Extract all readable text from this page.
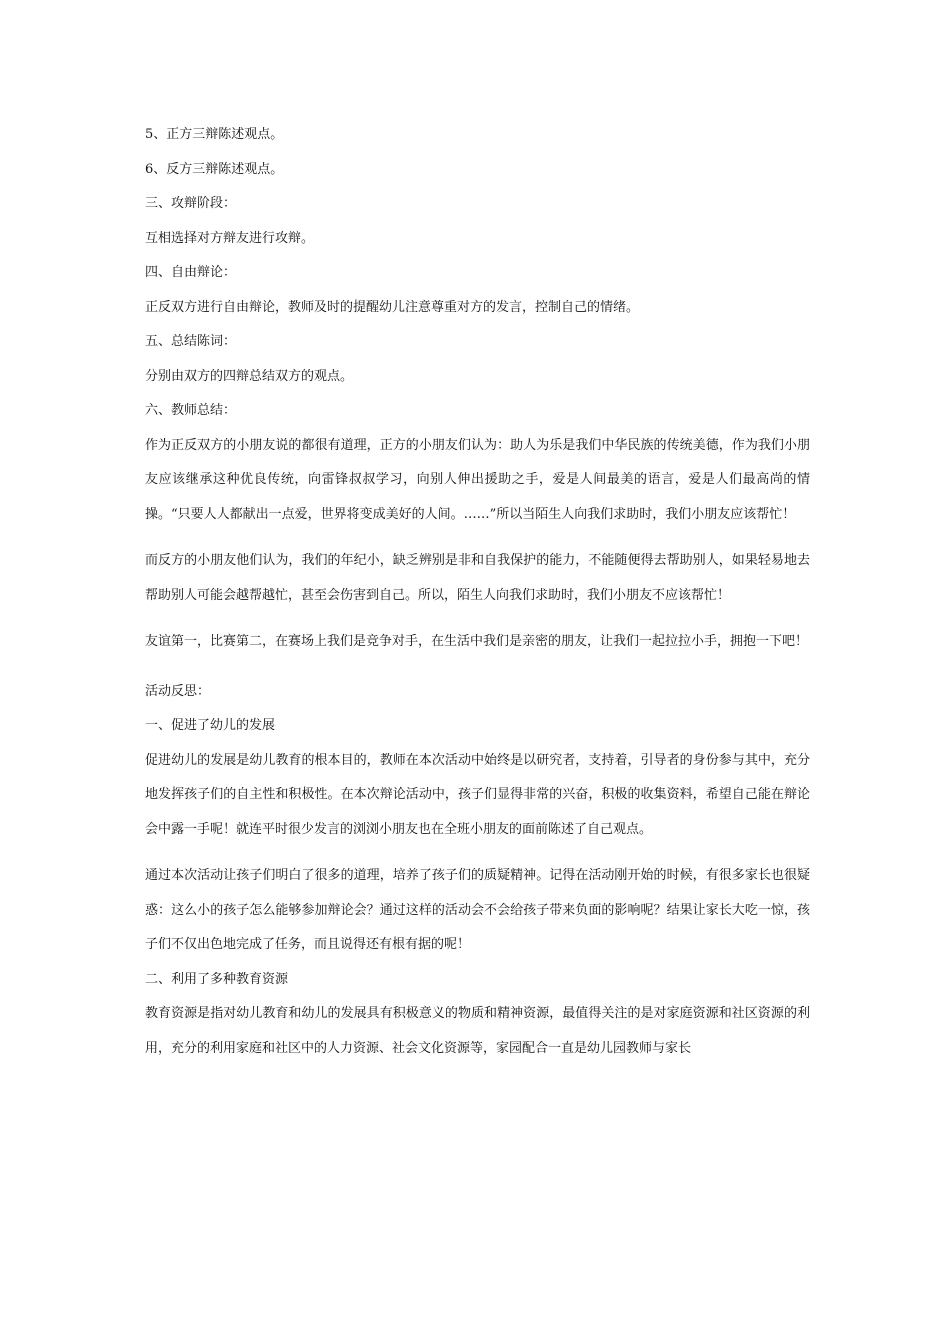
5、正方三辩陈述观点。
6、反方三辩陈述观点。
三、攻辩阶段：
互相选择对方辩友进行攻辩。
四、自由辩论：
正反双方进行自由辩论，教师及时的提醒幼儿注意尊重对方的发言，控制自己的情绪。
五、总结陈词：
分别由双方的四辩总结双方的观点。
六、教师总结：
作为正反双方的小朋友说的都很有道理，正方的小朋友们认为：助人为乐是我们中华民族的传统美德，作为我们小朋友应该继承这种优良传统，向雷锋叔叔学习，向别人伸出援助之手，爱是人间最美的语言，爱是人们最高尚的情操。“只要人人都献出一点爱，世界将变成美好的人间。……”所以当陌生人向我们求助时，我们小朋友应该帮忙！
而反方的小朋友他们认为，我们的年纪小，缺乏辨别是非和自我保护的能力，不能随便得去帮助别人，如果轻易地去帮助别人可能会越帮越忙，甚至会伤害到自己。所以，陌生人向我们求助时，我们小朋友不应该帮忙！
友谊第一，比赛第二，在赛场上我们是竞争对手，在生活中我们是亲密的朋友，让我们一起拉拉小手，拥抱一下吧！
活动反思：
一、促进了幼儿的发展
促进幼儿的发展是幼儿教育的根本目的，教师在本次活动中始终是以研究者，支持着，引导者的身份参与其中，充分地发挥孩子们的自主性和积极性。在本次辩论活动中，孩子们显得非常的兴奋，积极的收集资料，希望自己能在辩论会中露一手呢！就连平时很少发言的浏浏小朋友也在全班小朋友的面前陈述了自己观点。
通过本次活动让孩子们明白了很多的道理，培养了孩子们的质疑精神。记得在活动刚开始的时候，有很多家长也很疑惑：这么小的孩子怎么能够参加辩论会？通过这样的活动会不会给孩子带来负面的影响呢？结果让家长大吃一惊，孩子们不仅出色地完成了任务，而且说得还有根有据的呢！
二、利用了多种教育资源
教育资源是指对幼儿教育和幼儿的发展具有积极意义的物质和精神资源，最值得关注的是对家庭资源和社区资源的利用，充分的利用家庭和社区中的人力资源、社会文化资源等，家园配合一直是幼儿园教师与家长
